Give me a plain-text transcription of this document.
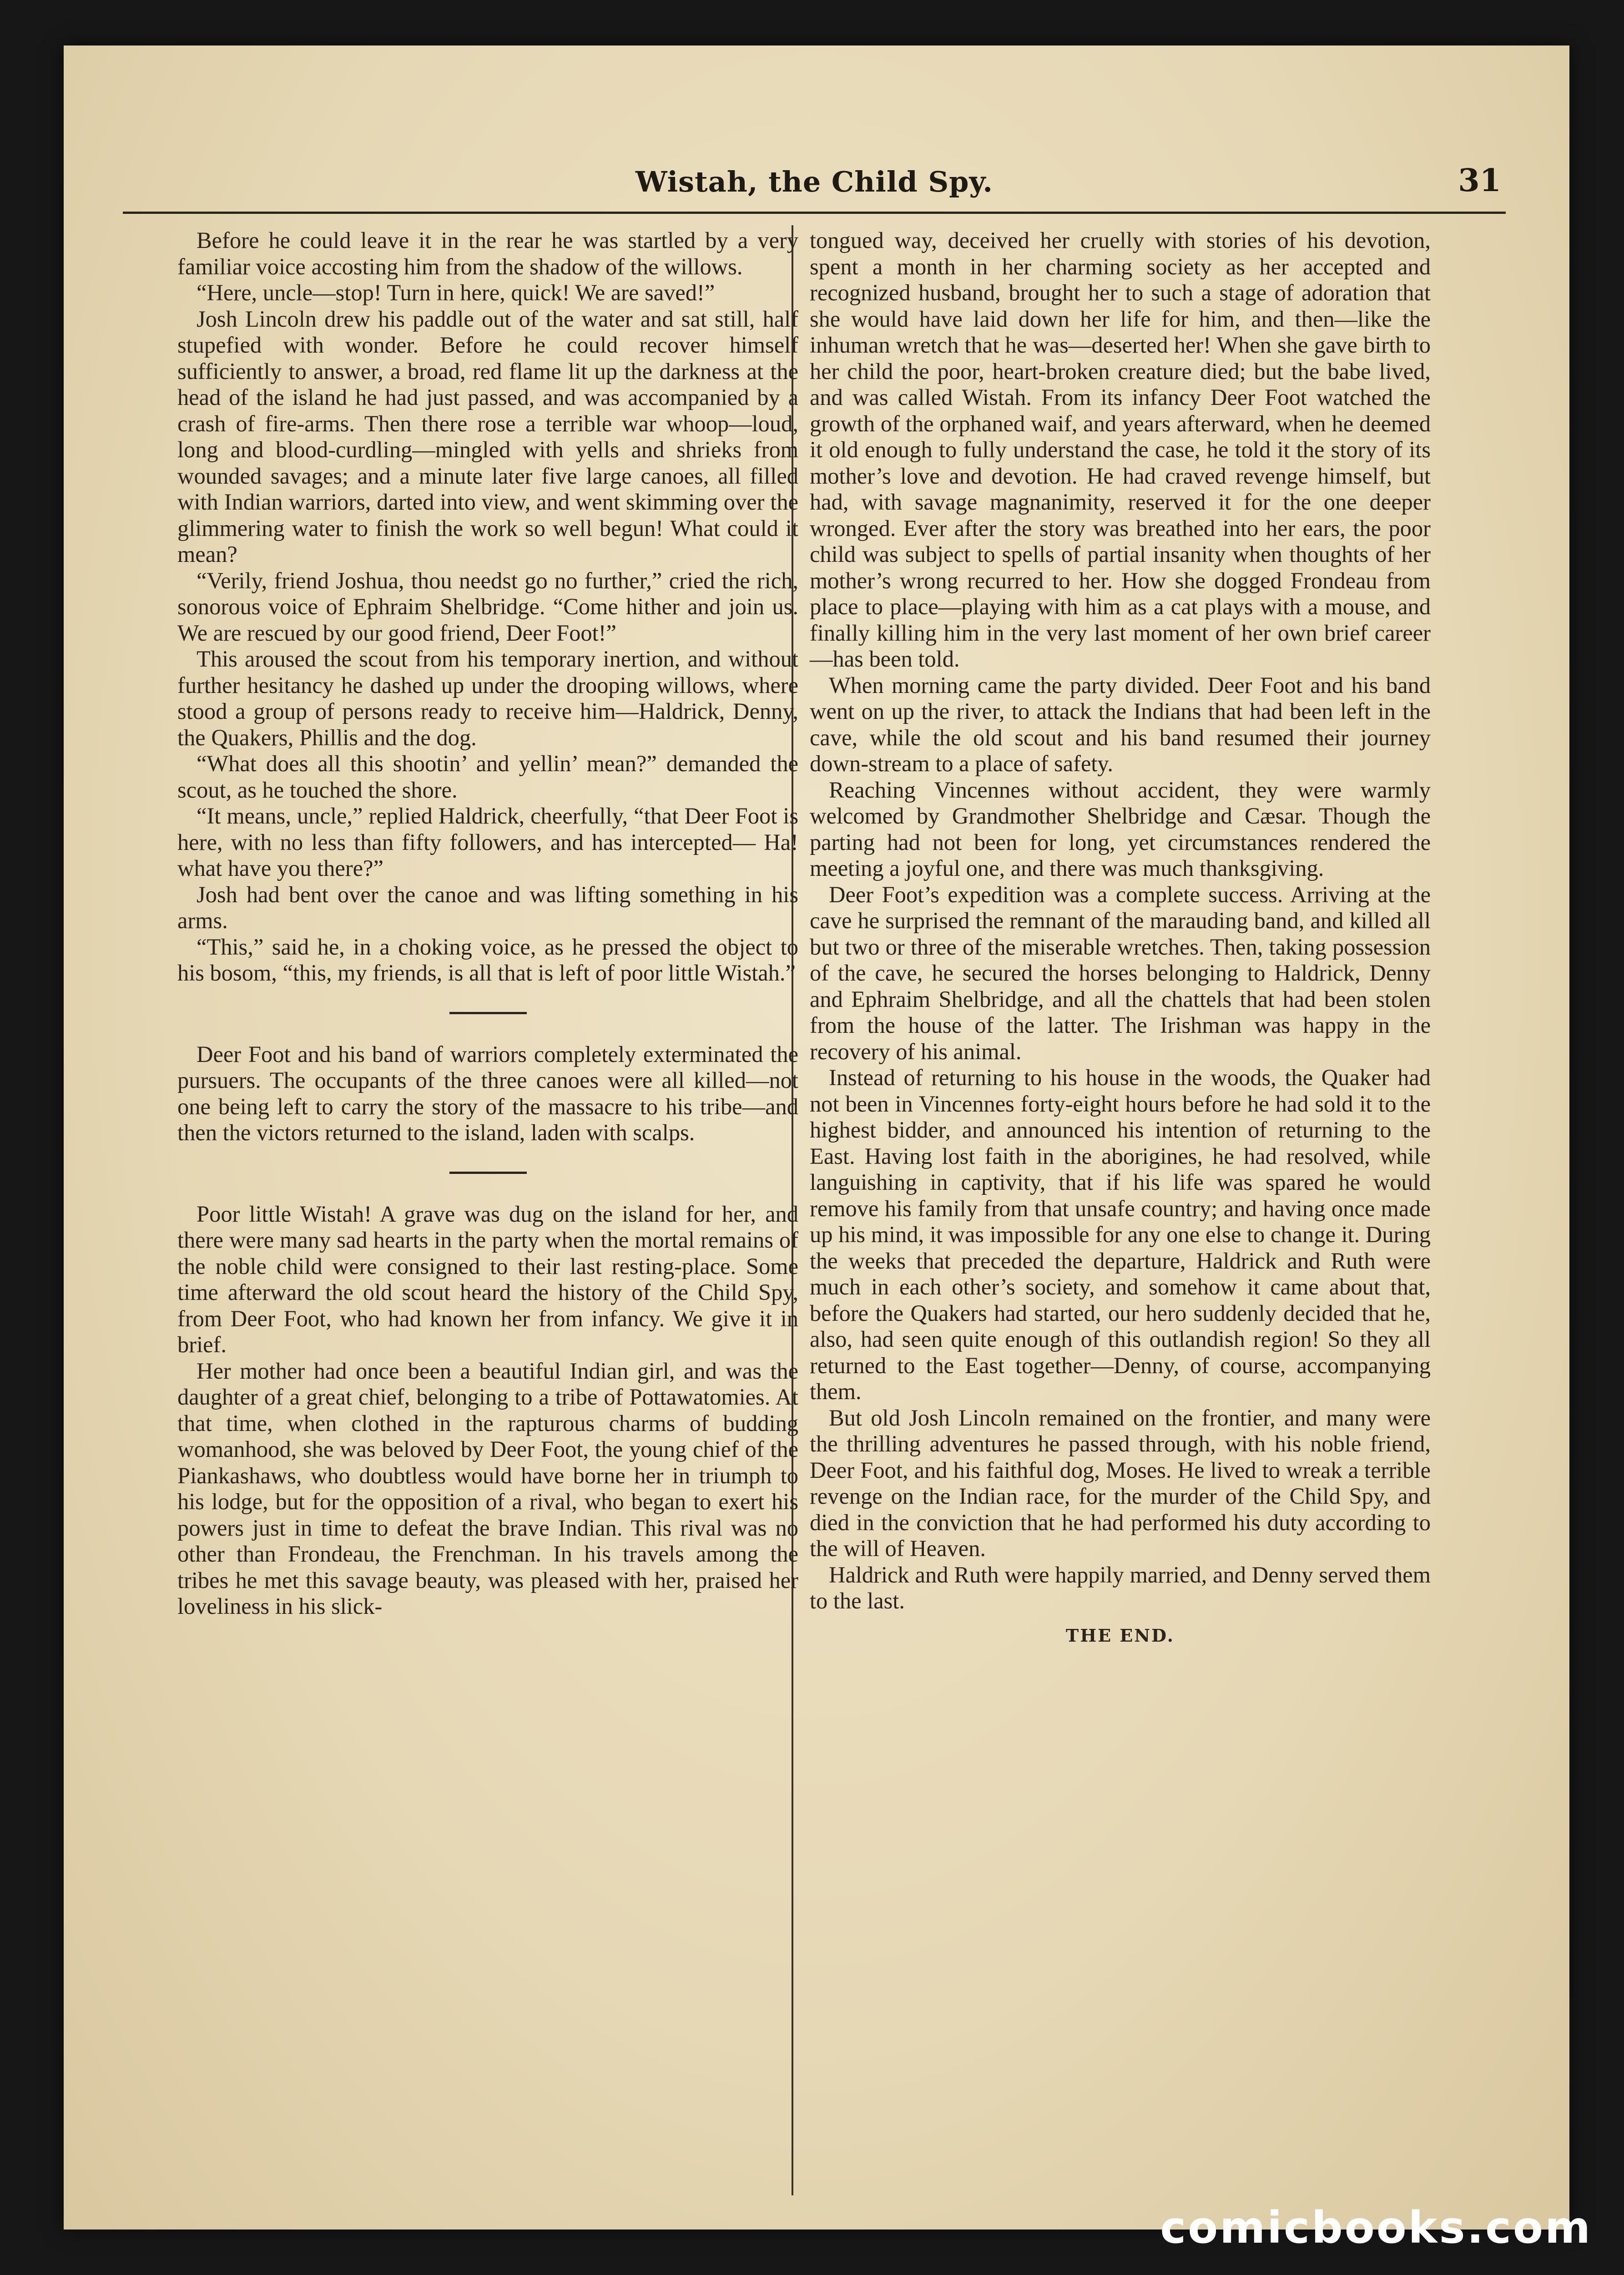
Wistah, the Child Spy.	31

Before he could leave it in the rear he was startled by a very familiar voice accosting him from the shadow of the willows.

“Here, uncle—stop! Turn in here, quick! We are saved!”

Josh Lincoln drew his paddle out of the water and sat still, half stupefied with wonder. Before he could recover himself sufficiently to answer, a broad, red flame lit up the darkness at the head of the island he had just passed, and was accompanied by a crash of fire-arms. Then there rose a terrible war whoop—loud, long and blood-curdling—mingled with yells and shrieks from wounded savages; and a minute later five large canoes, all filled with Indian warriors, darted into view, and went skimming over the glimmering water to finish the work so well begun! What could it mean?

“Verily, friend Joshua, thou needst go no further,” cried the rich, sonorous voice of Ephraim Shelbridge. “Come hither and join us. We are rescued by our good friend, Deer Foot!”

This aroused the scout from his temporary inertion, and without further hesitancy he dashed up under the drooping willows, where stood a group of persons ready to receive him—Haldrick, Denny, the Quakers, Phillis and the dog.

“What does all this shootin’ and yellin’ mean?” demanded the scout, as he touched the shore.

“It means, uncle,” replied Haldrick, cheerfully, “that Deer Foot is here, with no less than fifty followers, and has intercepted— Ha! what have you there?”

Josh had bent over the canoe and was lifting something in his arms.

“This,” said he, in a choking voice, as he pressed the object to his bosom, “this, my friends, is all that is left of poor little Wistah.”

Deer Foot and his band of warriors completely exterminated the pursuers. The occupants of the three canoes were all killed—not one being left to carry the story of the massacre to his tribe—and then the victors returned to the island, laden with scalps.

Poor little Wistah! A grave was dug on the island for her, and there were many sad hearts in the party when the mortal remains of the noble child were consigned to their last resting-place. Some time afterward the old scout heard the history of the Child Spy, from Deer Foot, who had known her from infancy. We give it in brief.

Her mother had once been a beautiful Indian girl, and was the daughter of a great chief, belonging to a tribe of Pottawatomies. At that time, when clothed in the rapturous charms of budding womanhood, she was beloved by Deer Foot, the young chief of the Piankashaws, who doubtless would have borne her in triumph to his lodge, but for the opposition of a rival, who began to exert his powers just in time to defeat the brave Indian. This rival was no other than Frondeau, the Frenchman. In his travels among the tribes he met this savage beauty, was pleased with her, praised her loveliness in his slick-

tongued way, deceived her cruelly with stories of his devotion, spent a month in her charming society as her accepted and recognized husband, brought her to such a stage of adoration that she would have laid down her life for him, and then—like the inhuman wretch that he was—deserted her! When she gave birth to her child the poor, heart-broken creature died; but the babe lived, and was called Wistah. From its infancy Deer Foot watched the growth of the orphaned waif, and years afterward, when he deemed it old enough to fully understand the case, he told it the story of its mother’s love and devotion. He had craved revenge himself, but had, with savage magnanimity, reserved it for the one deeper wronged. Ever after the story was breathed into her ears, the poor child was subject to spells of partial insanity when thoughts of her mother’s wrong recurred to her. How she dogged Frondeau from place to place—playing with him as a cat plays with a mouse, and finally killing him in the very last moment of her own brief career—has been told.

When morning came the party divided. Deer Foot and his band went on up the river, to attack the Indians that had been left in the cave, while the old scout and his band resumed their journey down-stream to a place of safety.

Reaching Vincennes without accident, they were warmly welcomed by Grandmother Shelbridge and Cæsar. Though the parting had not been for long, yet circumstances rendered the meeting a joyful one, and there was much thanksgiving.

Deer Foot’s expedition was a complete success. Arriving at the cave he surprised the remnant of the marauding band, and killed all but two or three of the miserable wretches. Then, taking possession of the cave, he secured the horses belonging to Haldrick, Denny and Ephraim Shelbridge, and all the chattels that had been stolen from the house of the latter. The Irishman was happy in the recovery of his animal.

Instead of returning to his house in the woods, the Quaker had not been in Vincennes forty-eight hours before he had sold it to the highest bidder, and announced his intention of returning to the East. Having lost faith in the aborigines, he had resolved, while languishing in captivity, that if his life was spared he would remove his family from that unsafe country; and having once made up his mind, it was impossible for any one else to change it. During the weeks that preceded the departure, Haldrick and Ruth were much in each other’s society, and somehow it came about that, before the Quakers had started, our hero suddenly decided that he, also, had seen quite enough of this outlandish region! So they all returned to the East together—Denny, of course, accompanying them.

But old Josh Lincoln remained on the frontier, and many were the thrilling adventures he passed through, with his noble friend, Deer Foot, and his faithful dog, Moses. He lived to wreak a terrible revenge on the Indian race, for the murder of the Child Spy, and died in the conviction that he had performed his duty according to the will of Heaven.

Haldrick and Ruth were happily married, and Denny served them to the last.

THE END.

comicbooks.com
